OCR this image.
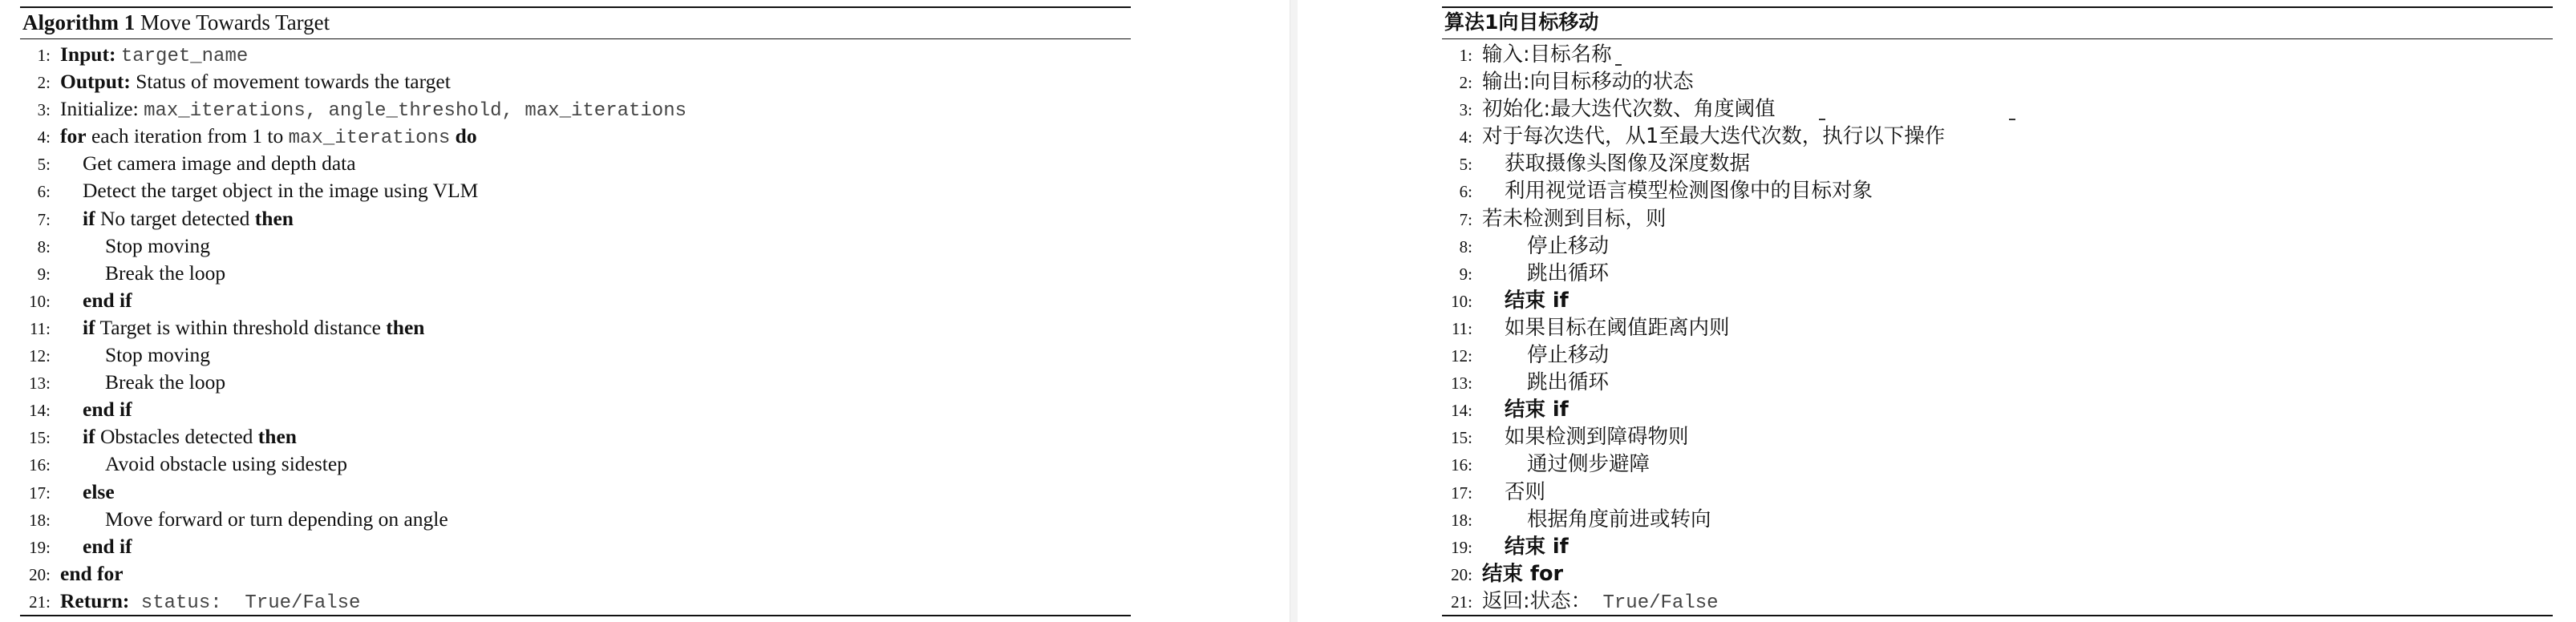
Algorithm 1 Move Towards Target
1: Input: target_name
2: Output: Status of movement towards the target
3: Initialize: max_iterations, angle_threshold, max_iterations
4: for each iteration from 1 to max_iterations do
5: Get camera image and depth data
6: Detect the target object in the image using VLM
7: if No target detected then
8:	Stop moving
9:	Break the loop
10: end if
11: if Target is within threshold distance then
12:	Stop moving
13:	Break the loop
14: end if
15: if Obstacles detected then
16:	Avoid obstacle using sidestep
17: else
18:	Move forward or turn depending on angle
19: end if
20: end for
21: Return: status:  True/False
算法1向目标移动
1: 输入:目标名称
2: 输出:向目标移动的状态
3: 初始化:最大迭代次数、角度阈值
4: 对于每次迭代，从1至最大迭代次数，执行以下操作
5: 获取摄像头图像及深度数据
6: 利用视觉语言模型检测图像中的目标对象
7: 若未检测到目标，则
8:	停止移动
9:	跳出循环
10: 结束 if
11: 如果目标在阈值距离内则
12:	停止移动
13:	跳出循环
14: 结束 if
15: 如果检测到障碍物则
16:	通过侧步避障
17: 否则
18:	根据角度前进或转向
19: 结束 if
20: 结束 for
21: 返回:状态： True/False
